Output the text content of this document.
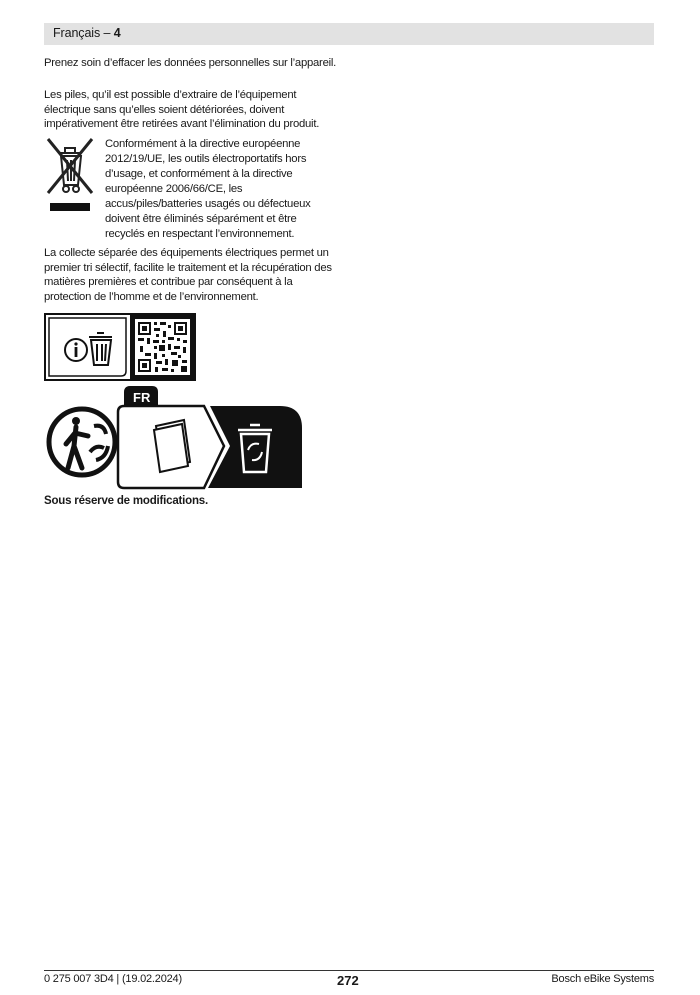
Français – 4

Prenez soin d’effacer les données personnelles sur l’appareil.

Les piles, qu’il est possible d’extraire de l’équipement électrique sans qu’elles soient détériorées, doivent impérativement être retirées avant l’élimination du produit.

Conformément à la directive européenne 2012/19/UE, les outils électroportatifs hors d’usage, et conformément à la directive européenne 2006/66/CE, les accus/piles/batteries usagés ou défectueux doivent être éliminés séparément et être recyclés en respectant l’environnement.

La collecte séparée des équipements électriques permet un premier tri sélectif, facilite le traitement et la récupération des matières premières et contribue par conséquent à la protection de l’homme et de l’environnement.

FR
Sous réserve de modifications.
0 275 007 3D4 | (19.02.2024)	272	Bosch eBike Systems
